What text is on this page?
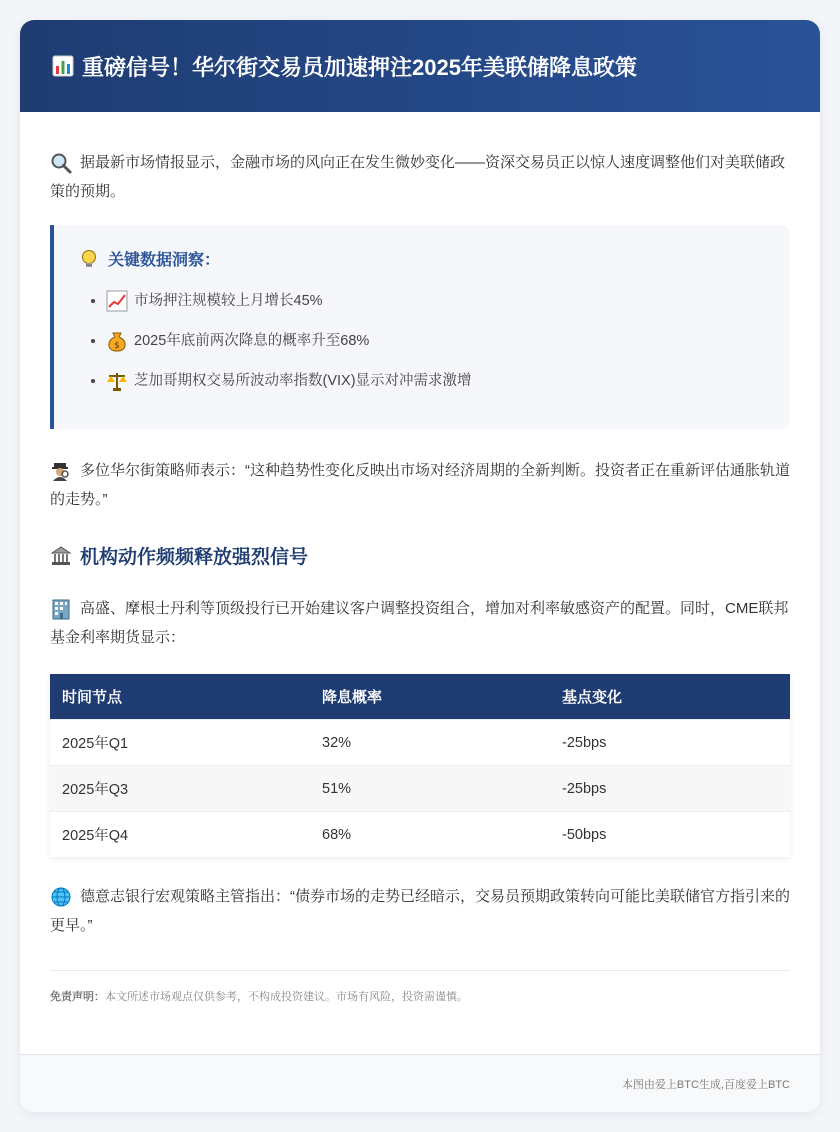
重磅信号！华尔街交易员加速押注2025年美联储降息政策

据最新市场情报显示，金融市场的风向正在发生微妙变化——资深交易员正以惊人速度调整他们对美联储政策的预期。

关键数据洞察：
• 市场押注规模较上月增长45%
• $ 2025年底前两次降息的概率升至68%
• 芝加哥期权交易所波动率指数(VIX)显示对冲需求激增

多位华尔街策略师表示：“这种趋势性变化反映出市场对经济周期的全新判断。投资者正在重新评估通胀轨道的走势。”

机构动作频频释放强烈信号

高盛、摩根士丹利等顶级投行已开始建议客户调整投资组合，增加对利率敏感资产的配置。同时，CME联邦基金利率期货显示：

时间节点	降息概率	基点变化
2025年Q1	32%	-25bps
2025年Q3	51%	-25bps
2025年Q4	68%	-50bps

德意志银行宏观策略主管指出：“债券市场的走势已经暗示，交易员预期政策转向可能比美联储官方指引来的更早。”

免责声明：本文所述市场观点仅供参考，不构成投资建议。市场有风险，投资需谨慎。
本图由爱上BTC生成,百度爱上BTC
